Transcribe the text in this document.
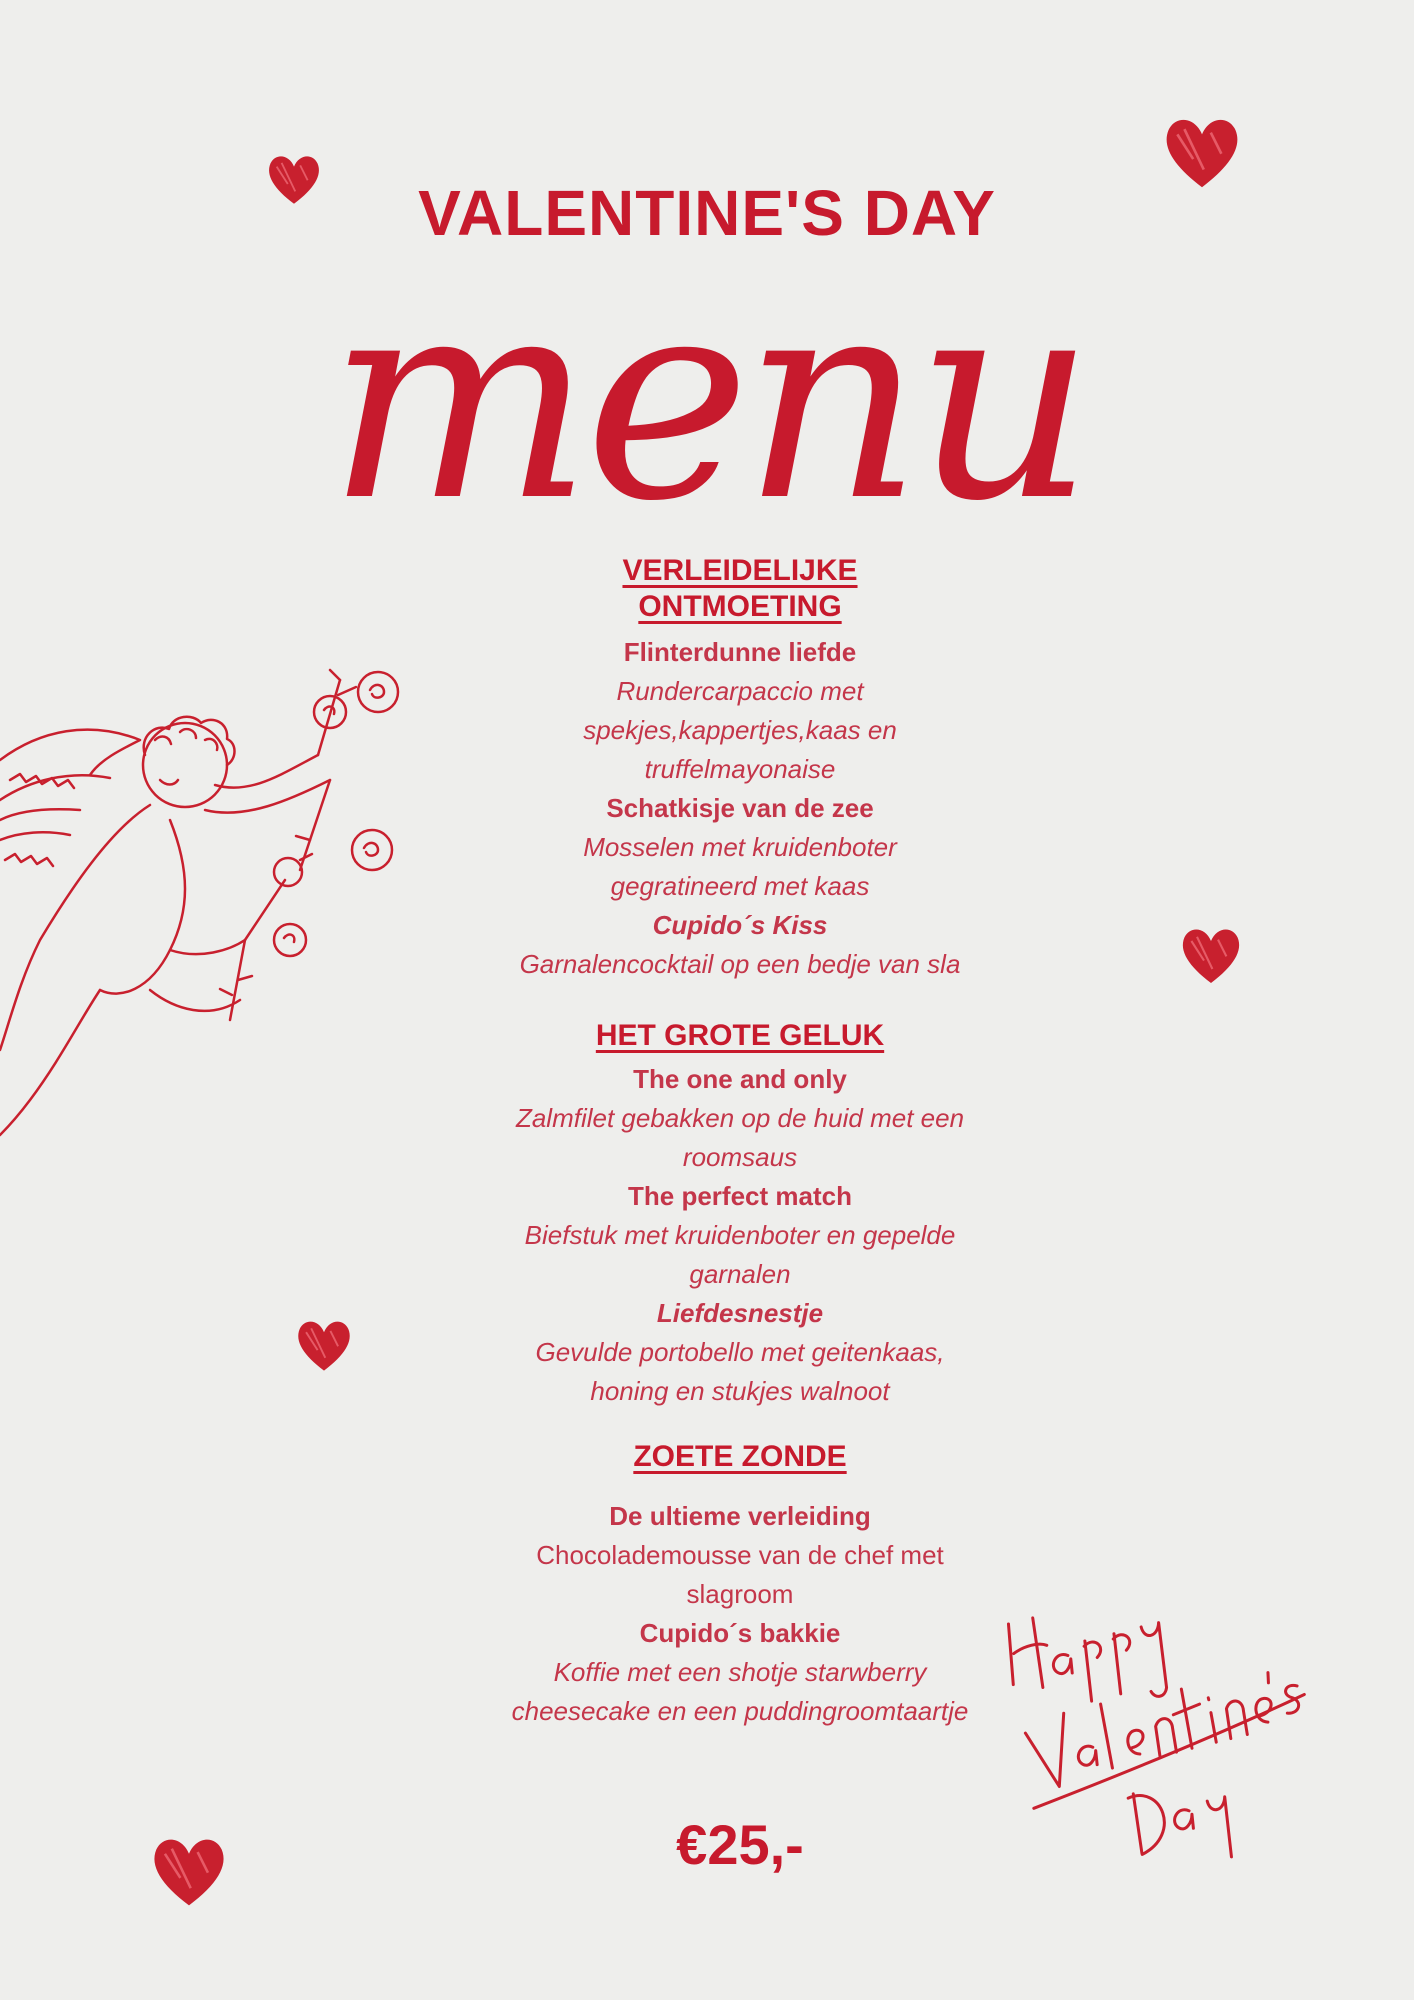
VALENTINE'S DAY
menu
VERLEIDELIJKE
ONTMOETING
Flinterdunne liefde
Rundercarpaccio met
spekjes,kappertjes,kaas en
truffelmayonaise
Schatkisje van de zee
Mosselen met kruidenboter
gegratineerd met kaas
Cupido´s Kiss
Garnalencocktail op een bedje van sla
HET GROTE GELUK
The one and only
Zalmfilet gebakken op de huid met een
roomsaus
The perfect match
Biefstuk met kruidenboter en gepelde
garnalen
Liefdesnestje
Gevulde portobello met geitenkaas,
honing en stukjes walnoot
ZOETE ZONDE
De ultieme verleiding
Chocolademousse van de chef met
slagroom
Cupido´s bakkie
Koffie met een shotje starwberry
cheesecake en een puddingroomtaartje
€25,-
